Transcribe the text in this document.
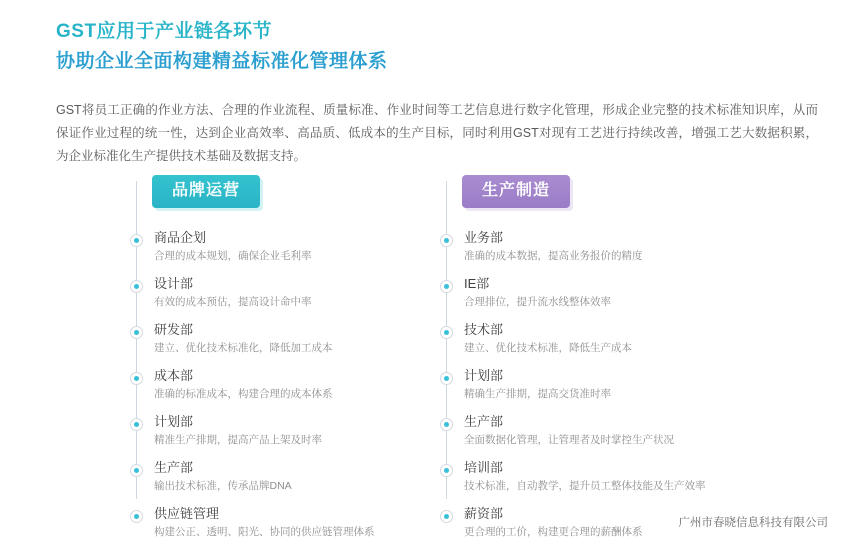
GST应用于产业链各环节
协助企业全面构建精益标准化管理体系

GST将员工正确的作业方法、合理的作业流程、质量标准、作业时间等工艺信息进行数字化管理，形成企业完整的技术标准知识库，从而保证作业过程的统一性，达到企业高效率、高品质、低成本的生产目标，同时利用GST对现有工艺进行持续改善，增强工艺大数据积累，为企业标准化生产提供技术基础及数据支持。

品牌运营

商品企划

合理的成本规划，确保企业毛利率

设计部

有效的成本预估，提高设计命中率

研发部

建立、优化技术标准化，降低加工成本

成本部

准确的标准成本，构建合理的成本体系

计划部

精准生产排期，提高产品上架及时率

生产部

输出技术标准，传承品牌DNA

供应链管理

构建公正、透明、阳光、协同的供应链管理体系

生产制造

业务部

准确的成本数据，提高业务报价的精度

IE部

合理排位，提升流水线整体效率

技术部

建立、优化技术标准，降低生产成本

计划部

精确生产排期，提高交货准时率

生产部

全面数据化管理，让管理者及时掌控生产状况

培训部

技术标准，自动教学，提升员工整体技能及生产效率

薪资部

更合理的工价，构建更合理的薪酬体系

广州市春晓信息科技有限公司
